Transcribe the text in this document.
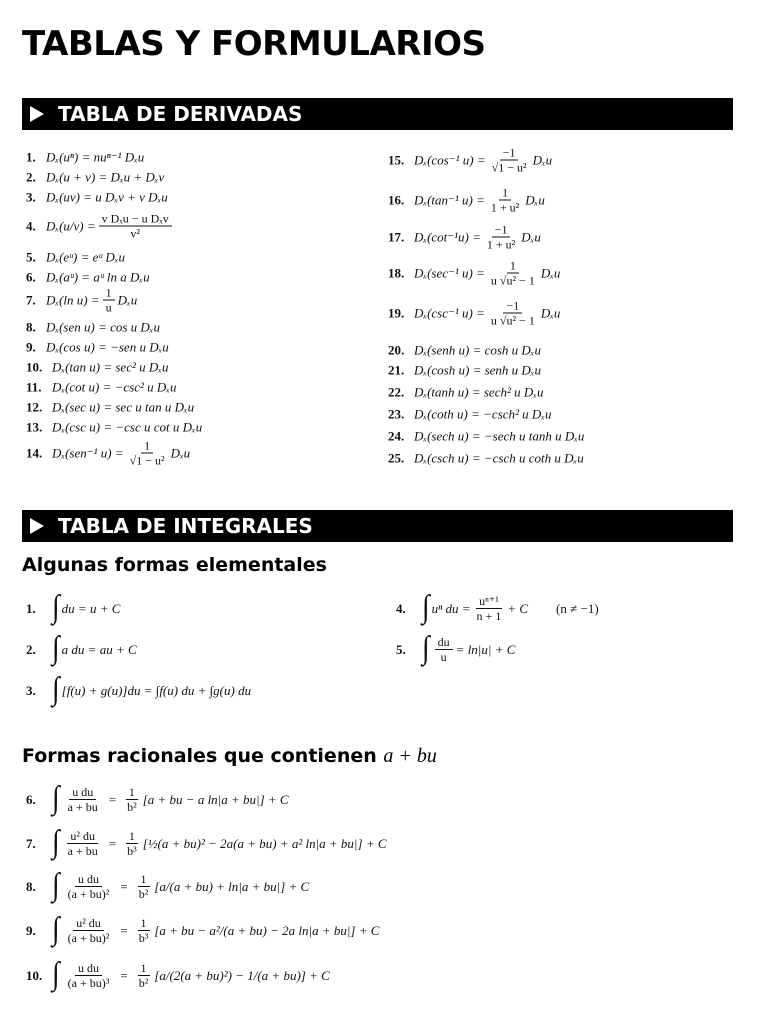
TABLAS Y FORMULARIOS
TABLA DE DERIVADAS
1. Dₓ(uⁿ) = nuⁿ⁻¹ Dₓu
2. Dₓ(u + v) = Dₓu + Dₓv
3. Dₓ(uv) = u Dₓv + v Dₓu
4. $D_x(u/v) = \frac{\text{v Dₓu − u Dₓv}}{\text{v²}}$
5. Dₓ(eᵘ) = eᵘ Dₓu
6. Dₓ(aᵘ) = aᵘ ln a Dₓu
7. Dₓ(ln $u) = \frac{1}{u}$ Dₓu
8. Dₓ(sen u) = cos u Dₓu
9. Dₓ(cos u) = −sen u Dₓu
10. Dₓ(tan u) = sec² u Dₓu
11. Dₓ(cot u) = −csc² u Dₓu
12. Dₓ(sec u) = sec u tan u Dₓu
13. Dₓ(csc u) = −csc u cot u Dₓu
14. Dₓ(sen⁻¹ $u) = \frac{1}{\text{√1 − u²}}$ Dₓu
15. Dₓ(cos⁻¹ $u) = \frac{-1}{\text{√1 − u²}}$ Dₓu
16. Dₓ(tan⁻¹ $u) = \frac{1}{\text{1 + u²}}$ Dₓu
17. $D_x(\cot^{-1}u) = \frac{-1}{\text{1 + u²}}$ Dₓu
18. Dₓ(sec⁻¹ $u) = \frac{1}{\text{u √u² − 1}}$ Dₓu
19. Dₓ(csc⁻¹ $u) = \frac{-1}{\text{u √u² − 1}}$ Dₓu
20. Dₓ(senh u) = cosh u Dₓu
21. Dₓ(cosh u) = senh u Dₓu
22. Dₓ(tanh u) = sech² u Dₓu
23. Dₓ(coth u) = −csch² u Dₓu
24. Dₓ(sech u) = −sech u tanh u Dₓu
25. Dₓ(csch u) = −csch u coth u Dₓu
TABLA DE INTEGRALES
Algunas formas elementales
1. ∫ du = u + C
2. ∫ a du = au + C
3. ∫ [f(u) + g(u)]du = ∫f(u) du + ∫g(u) du
4. ∫ uⁿ du = $\frac{\text{uⁿ⁺¹}}{n + 1} + C$ (n ≠ −1)
5. ∫ $\frac{du}{u} = \ln|u| + C$
Formas racionales que contienen a + bu
6. ∫ $\frac{\text{u du}}{a + bu} = \frac{1}{\text{b²}} [a$ + bu − a ln|a + bu|] + C
7. ∫ $\frac{\text{u² du}}{a + bu} = \frac{1}{\text{b³}}$ [½(a + bu)² − 2a(a + bu) + a² ln|a + bu|] + C
8. ∫ $\frac{\text{u du}}{\text{(a + bu)²}} = \frac{1}{\text{b²}} [a/(a + bu) + \ln|a + bu|] + C$
9. ∫ $\frac{\text{u² du}}{\text{(a + bu)²}} = \frac{1}{\text{b³}} [a$ + bu − a²/(a + bu) − 2a ln|a + bu|] + C
10. ∫ $\frac{\text{u du}}{\text{(a + bu)³}} = \frac{1}{\text{b²}} [a/(2(a + bu)^2) - 1/(a + bu)] + C$
